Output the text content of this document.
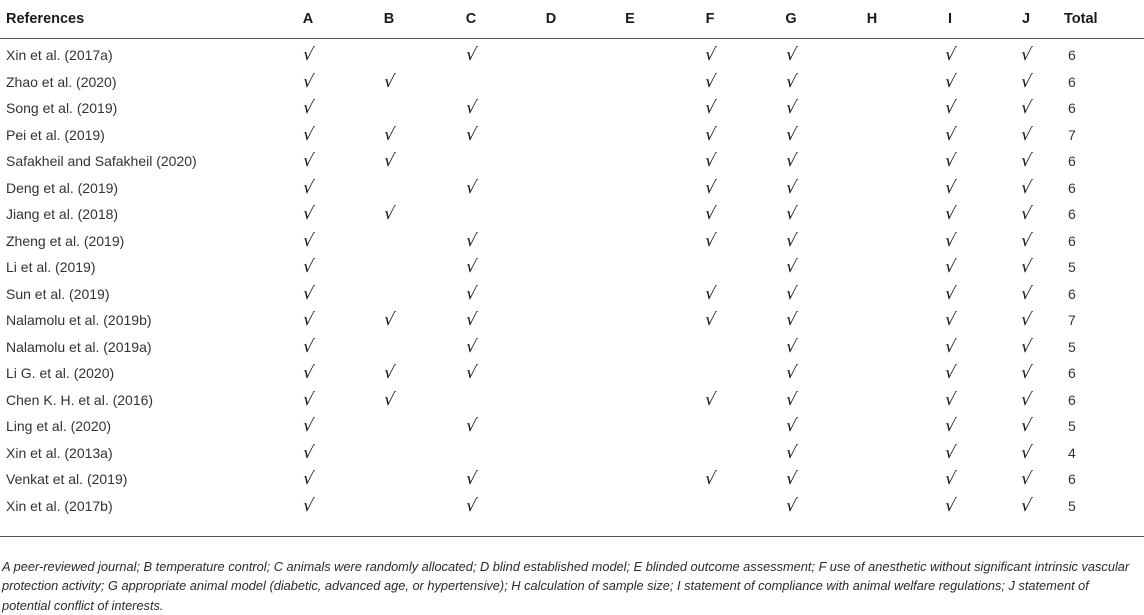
References	A	B	C	D	E	F	G	H	I	J	Total
Xin et al. (2017a)	√		√			√	√		√	√	6
Zhao et al. (2020)	√	√				√	√		√	√	6
Song et al. (2019)	√		√			√	√		√	√	6
Pei et al. (2019)	√	√	√			√	√		√	√	7
Safakheil and Safakheil (2020)	√	√				√	√		√	√	6
Deng et al. (2019)	√		√			√	√		√	√	6
Jiang et al. (2018)	√	√				√	√		√	√	6
Zheng et al. (2019)	√		√			√	√		√	√	6
Li et al. (2019)	√		√				√		√	√	5
Sun et al. (2019)	√		√			√	√		√	√	6
Nalamolu et al. (2019b)	√	√	√			√	√		√	√	7
Nalamolu et al. (2019a)	√		√				√		√	√	5
Li G. et al. (2020)	√	√	√				√		√	√	6
Chen K. H. et al. (2016)	√	√				√	√		√	√	6
Ling et al. (2020)	√		√				√		√	√	5
Xin et al. (2013a)	√						√		√	√	4
Venkat et al. (2019)	√		√			√	√		√	√	6
Xin et al. (2017b)	√		√				√		√	√	5

A peer-reviewed journal; B temperature control; C animals were randomly allocated; D blind established model; E blinded outcome assessment; F use of anesthetic without significant intrinsic vascular protection activity; G appropriate animal model (diabetic, advanced age, or hypertensive); H calculation of sample size; I statement of compliance with animal welfare regulations; J statement of potential conflict of interests.
